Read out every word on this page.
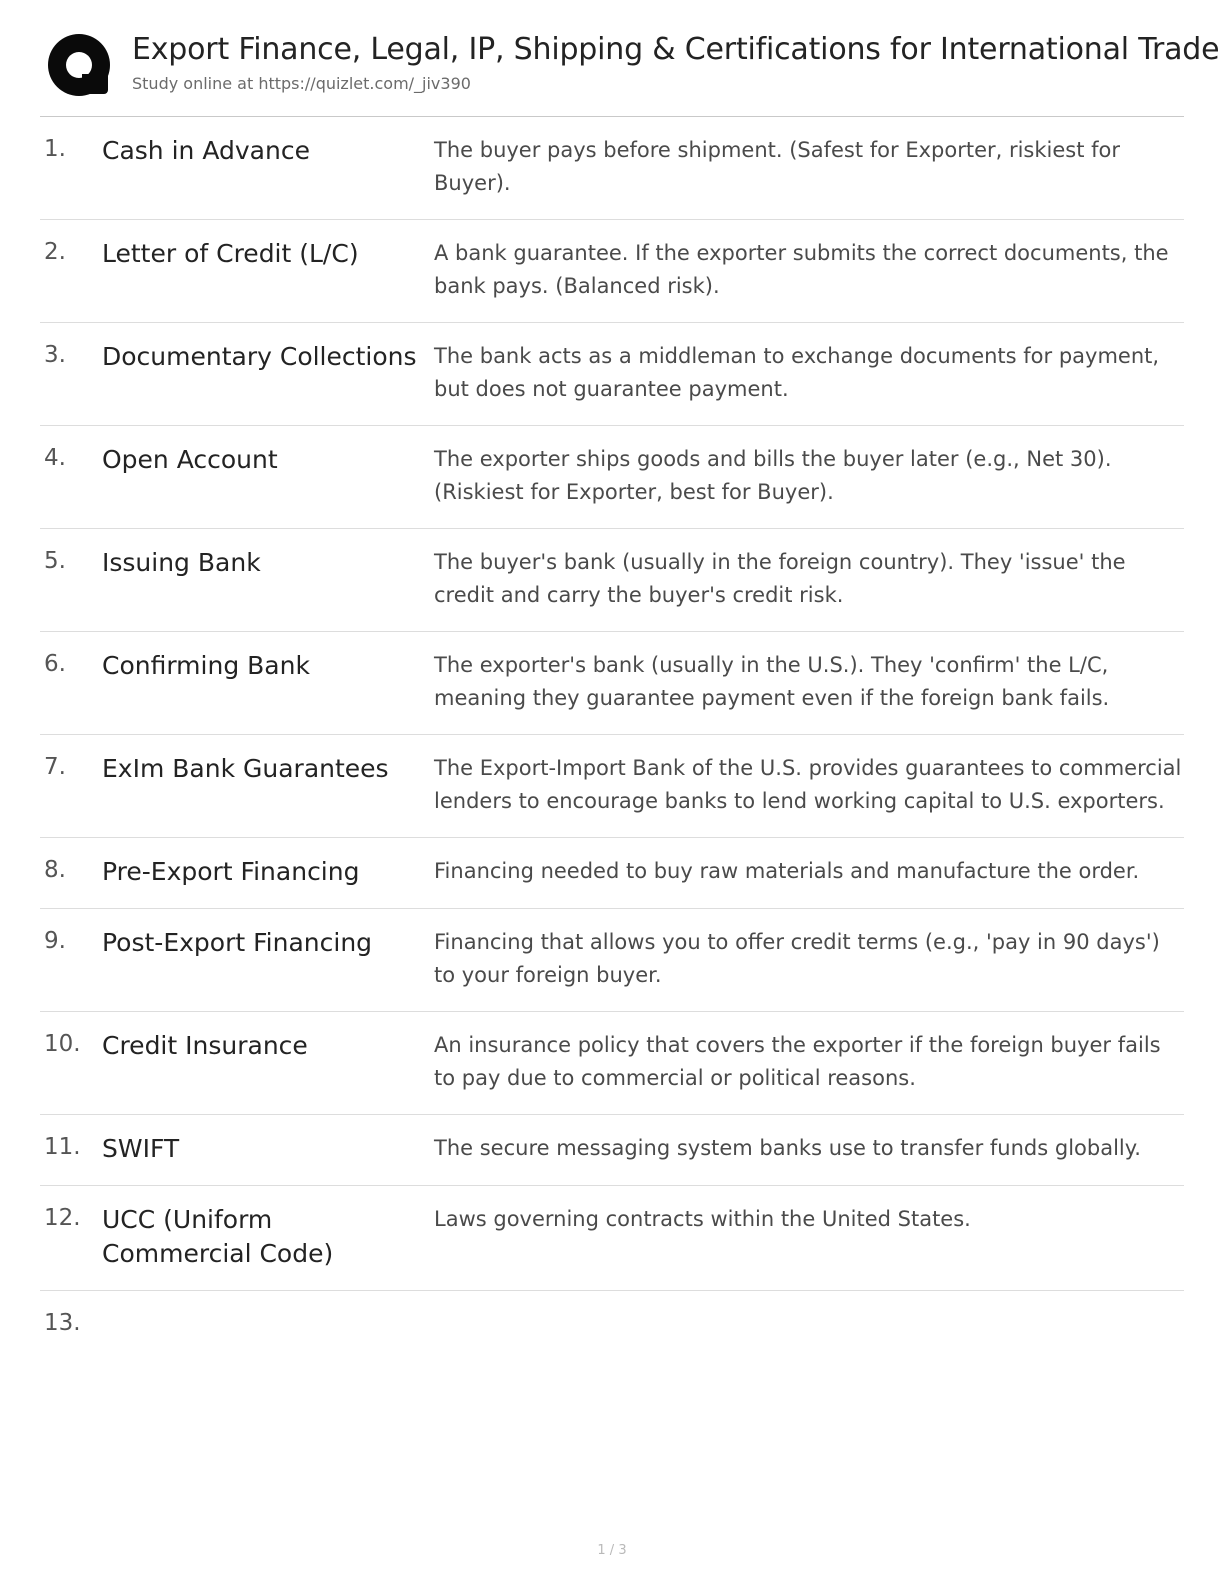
Export Finance, Legal, IP, Shipping & Certifications for International Trade
Study online at https://quizlet.com/_jiv390
1.	Cash in Advance	The buyer pays before shipment. (Safest for Exporter, riskiest for Buyer).
2.	Letter of Credit (L/C)	A bank guarantee. If the exporter submits the correct documents, the bank pays. (Balanced risk).
3.	Documentary Collections	The bank acts as a middleman to exchange documents for payment, but does not guarantee payment.
4.	Open Account	The exporter ships goods and bills the buyer later (e.g., Net 30). (Riskiest for Exporter, best for Buyer).
5.	Issuing Bank	The buyer's bank (usually in the foreign country). They 'issue' the credit and carry the buyer's credit risk.
6.	Confirming Bank	The exporter's bank (usually in the U.S.). They 'confirm' the L/C, meaning they guarantee payment even if the foreign bank fails.
7.	ExIm Bank Guarantees	The Export-Import Bank of the U.S. provides guarantees to commercial lenders to encourage banks to lend working capital to U.S. exporters.
8.	Pre-Export Financing	Financing needed to buy raw materials and manufacture the order.
9.	Post-Export Financing	Financing that allows you to offer credit terms (e.g., 'pay in 90 days') to your foreign buyer.
10.	Credit Insurance	An insurance policy that covers the exporter if the foreign buyer fails to pay due to commercial or political reasons.
11.	SWIFT	The secure messaging system banks use to transfer funds globally.
12.	UCC (Uniform Commercial Code)	Laws governing contracts within the United States.
13.		
1 / 3
